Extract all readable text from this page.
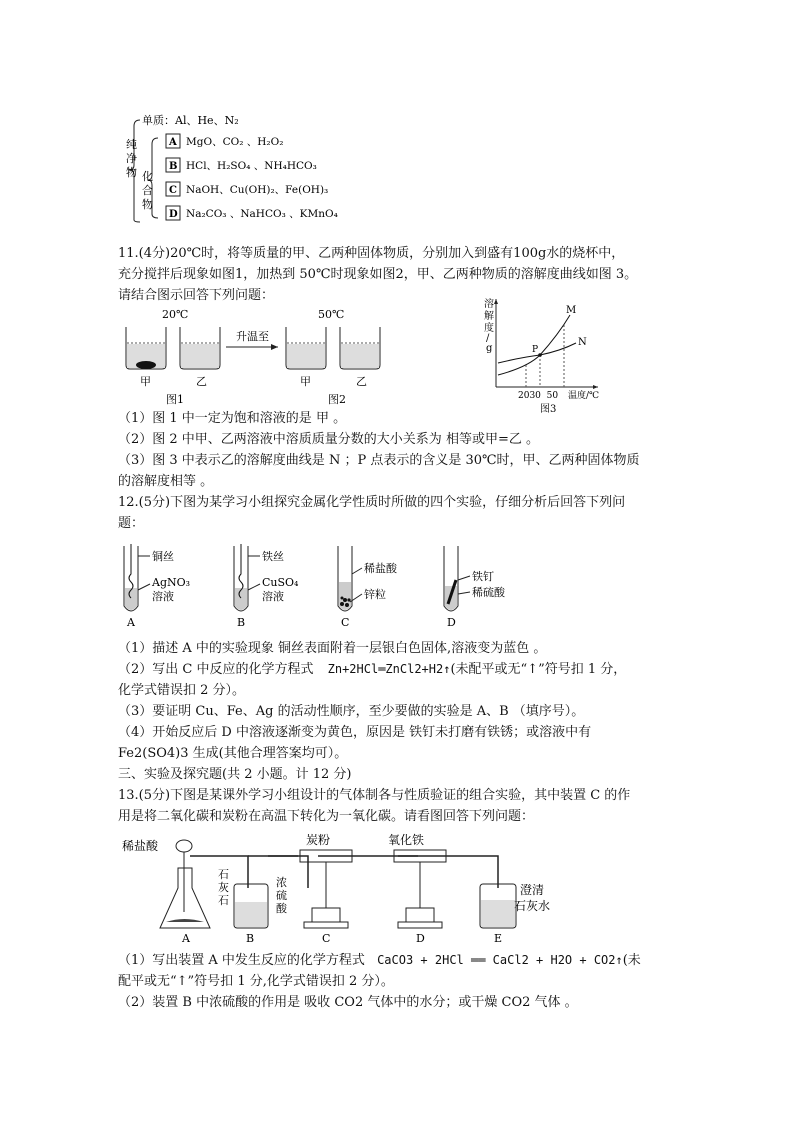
单质：Al、He、N₂
纯
净
物 化
合
物
A
B
C
D
MgO、CO₂ 、H₂O₂
HCl、H₂SO₄ 、NH₄HCO₃
NaOH、Cu(OH)₂、Fe(OH)₃
Na₂CO₃ 、NaHCO₃ 、KMnO₄
11.(4分)20℃时，将等质量的甲、乙两种固体物质，分别加入到盛有100g水的烧杯中，
充分搅拌后现象如图1，加热到 50℃时现象如图2，甲、乙两种物质的溶解度曲线如图 3。
请结合图示回答下列问题：
20℃	50℃
升温至
甲	乙	甲	乙
图1	图2
溶
解
度
/
g
M
N
P
2030  50 温度/℃
图3
（1）图 1 中一定为饱和溶液的是 甲 。
（2）图 2 中甲、乙两溶液中溶质质量分数的大小关系为 相等或甲=乙 。
（3）图 3 中表示乙的溶解度曲线是 N ；P 点表示的含义是 30℃时，甲、乙两种固体物质
的溶解度相等 。
12.(5分)下图为某学习小组探究金属化学性质时所做的四个实验，仔细分析后回答下列问
题：
铜丝
AgNO₃
溶液
铁丝
CuSO₄
溶液
稀盐酸
锌粒
铁钉
稀硫酸
A	B	C	D
（1）描述 A 中的实验现象 铜丝表面附着一层银白色固体,溶液变为蓝色 。
（2）写出 C 中反应的化学方程式 Zn+2HCl═ZnCl2+H2↑(未配平或无“↑”符号扣 1 分，
化学式错误扣 2 分）。
（3）要证明 Cu、Fe、Ag 的活动性顺序，至少要做的实验是 A、B （填序号）。
（4）开始反应后 D 中溶液逐渐变为黄色，原因是 铁钉未打磨有铁锈；或溶液中有
Fe2(SO4)3 生成(其他合理答案均可）。
三、实验及探究题(共 2 小题。计 12 分)
13.(5分)下图是某课外学习小组设计的气体制各与性质验证的组合实验，其中装置 C 的作
用是将二氧化碳和炭粉在高温下转化为一氧化碳。请看图回答下列问题：
稀盐酸
石
灰
石
浓
硫
酸
炭粉	氧化铁
澄清
石灰水
A	B	C	D	E
（1）写出装置 A 中发生反应的化学方程式 CaCO3 + 2HCl ══ CaCl2 + H2O + CO2↑(未
配平或无“↑”符号扣 1 分,化学式错误扣 2 分）。
（2）装置 B 中浓硫酸的作用是 吸收 CO2 气体中的水分；或干燥 CO2 气体 。
